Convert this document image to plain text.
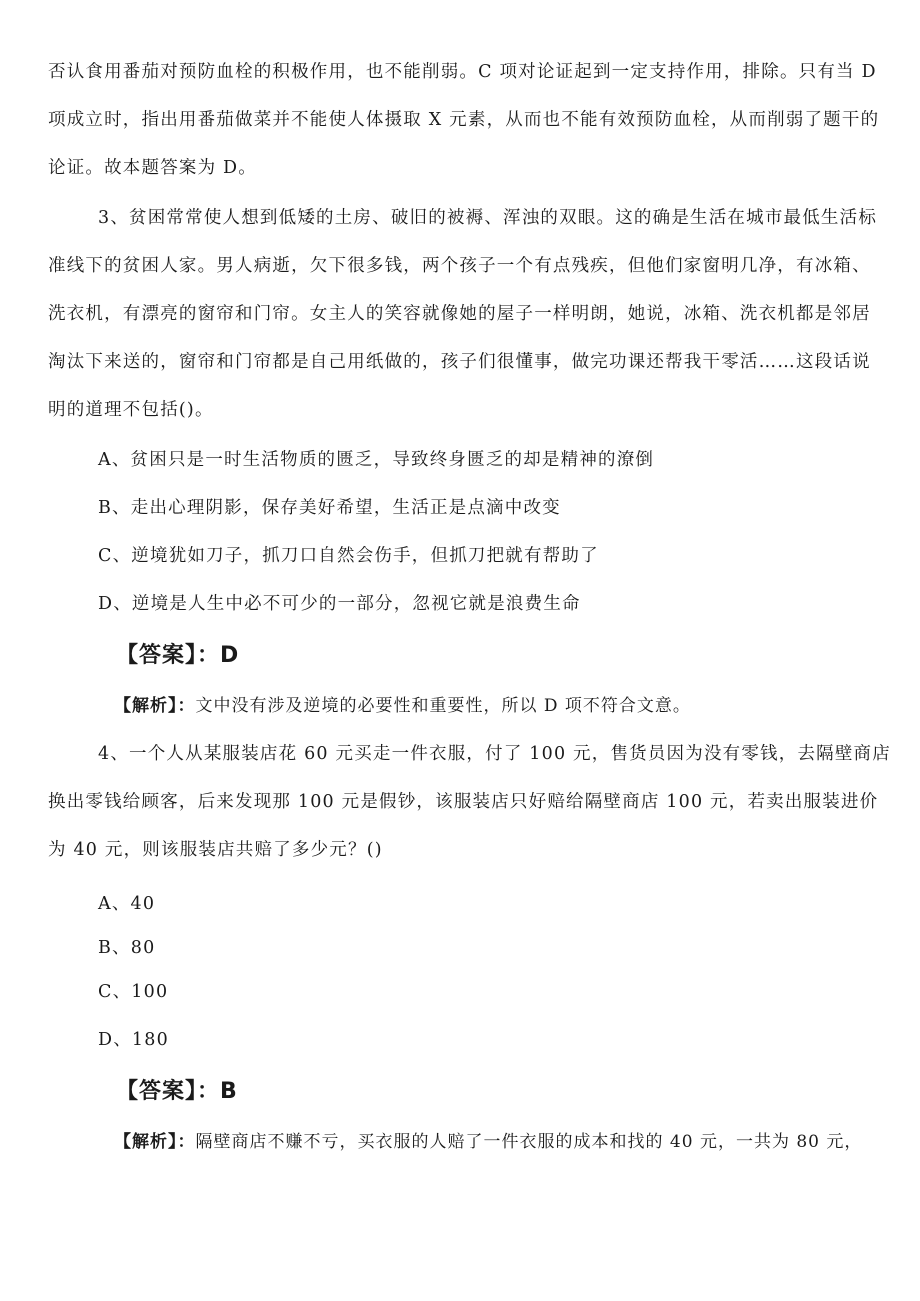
否认食用番茄对预防血栓的积极作用，也不能削弱。C 项对论证起到一定支持作用，排除。只有当 D
项成立时，指出用番茄做菜并不能使人体摄取 X 元素，从而也不能有效预防血栓，从而削弱了题干的
论证。故本题答案为 D。
3、贫困常常使人想到低矮的土房、破旧的被褥、浑浊的双眼。这的确是生活在城市最低生活标
准线下的贫困人家。男人病逝，欠下很多钱，两个孩子一个有点残疾，但他们家窗明几净，有冰箱、
洗衣机，有漂亮的窗帘和门帘。女主人的笑容就像她的屋子一样明朗，她说，冰箱、洗衣机都是邻居
淘汰下来送的，窗帘和门帘都是自己用纸做的，孩子们很懂事，做完功课还帮我干零活……这段话说
明的道理不包括()。
A、贫困只是一时生活物质的匮乏，导致终身匮乏的却是精神的潦倒
B、走出心理阴影，保存美好希望，生活正是点滴中改变
C、逆境犹如刀子，抓刀口自然会伤手，但抓刀把就有帮助了
D、逆境是人生中必不可少的一部分，忽视它就是浪费生命
【答案】：D
【解析】：文中没有涉及逆境的必要性和重要性，所以 D 项不符合文意。
4、一个人从某服装店花 60 元买走一件衣服，付了 100 元，售货员因为没有零钱，去隔壁商店
换出零钱给顾客，后来发现那 100 元是假钞，该服装店只好赔给隔壁商店 100 元，若卖出服装进价
为 40 元，则该服装店共赔了多少元？()
A、40
B、80
C、100
D、180
【答案】：B
【解析】：隔壁商店不赚不亏，买衣服的人赔了一件衣服的成本和找的 40 元，一共为 80 元，
